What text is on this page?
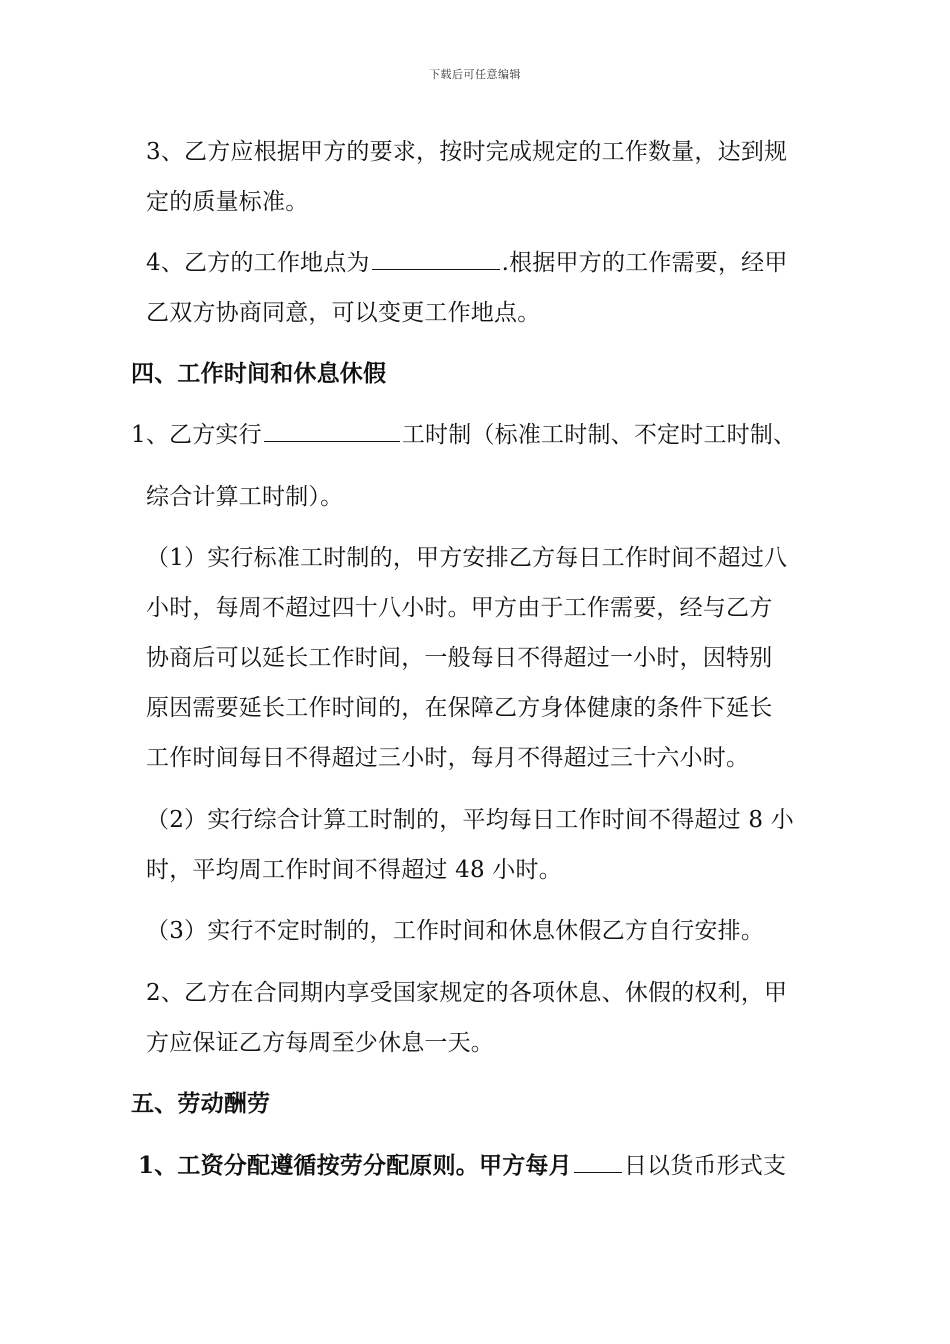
下载后可任意编辑
3、乙方应根据甲方的要求，按时完成规定的工作数量，达到规
定的质量标准。
4、乙方的工作地点为	.根据甲方的工作需要，经甲
乙双方协商同意，可以变更工作地点。
四、工作时间和休息休假
1、乙方实行	工时制（标准工时制、不定时工时制、
综合计算工时制）。
（1）实行标准工时制的，甲方安排乙方每日工作时间不超过八
小时，每周不超过四十八小时。甲方由于工作需要，经与乙方
协商后可以延长工作时间，一般每日不得超过一小时，因特别
原因需要延长工作时间的，在保障乙方身体健康的条件下延长
工作时间每日不得超过三小时，每月不得超过三十六小时。
（2）实行综合计算工时制的，平均每日工作时间不得超过 8 小
时，平均周工作时间不得超过 48 小时。
（3）实行不定时制的，工作时间和休息休假乙方自行安排。
2、乙方在合同期内享受国家规定的各项休息、休假的权利，甲
方应保证乙方每周至少休息一天。
五、劳动酬劳
1、工资分配遵循按劳分配原则。甲方每月 日以货币形式支
